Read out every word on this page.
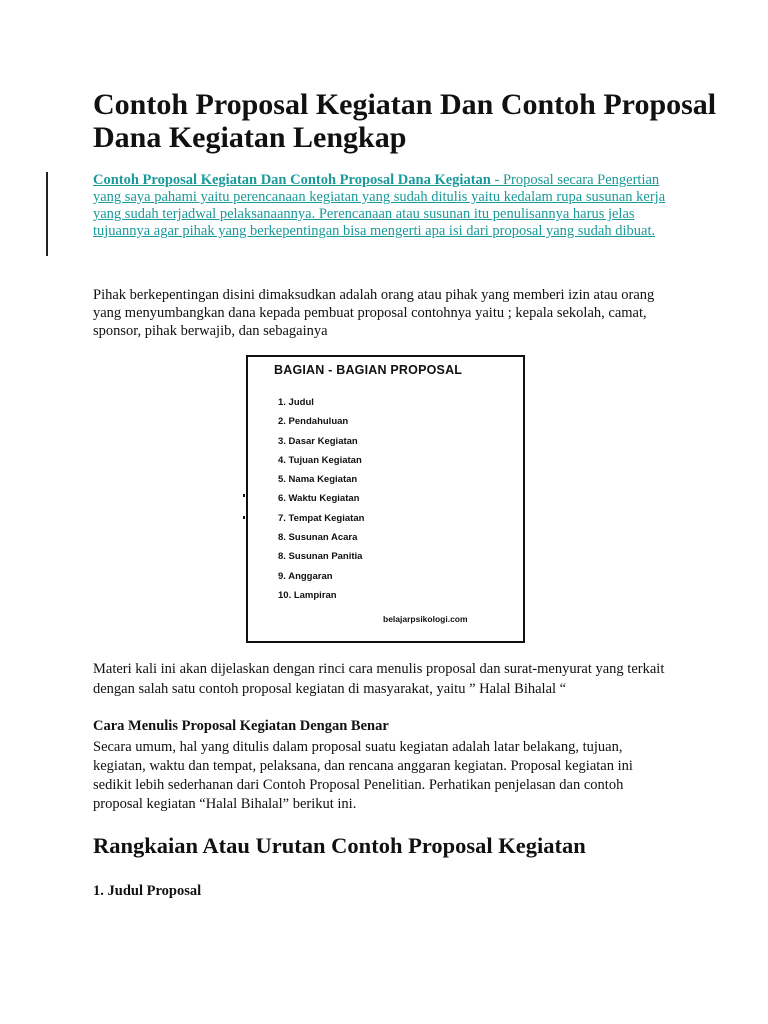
Contoh Proposal Kegiatan Dan Contoh Proposal Dana Kegiatan Lengkap

Contoh Proposal Kegiatan Dan Contoh Proposal Dana Kegiatan - Proposal secara Pengertian yang saya pahami yaitu perencanaan kegiatan yang sudah ditulis yaitu kedalam rupa susunan kerja yang sudah terjadwal pelaksanaannya. Perencanaan atau susunan itu penulisannya harus jelas tujuannya agar pihak yang berkepentingan bisa mengerti apa isi dari proposal yang sudah dibuat.

Pihak berkepentingan disini dimaksudkan adalah orang atau pihak yang memberi izin atau orang yang menyumbangkan dana kepada pembuat proposal contohnya yaitu ; kepala sekolah, camat, sponsor, pihak berwajib, dan sebagainya

BAGIAN - BAGIAN PROPOSAL
1. Judul
2. Pendahuluan
3. Dasar Kegiatan
4. Tujuan Kegiatan
5. Nama Kegiatan
6. Waktu Kegiatan
7. Tempat Kegiatan
8. Susunan Acara
8. Susunan Panitia
9. Anggaran
10. Lampiran
belajarpsikologi.com

Materi kali ini akan dijelaskan dengan rinci cara menulis proposal dan surat-menyurat yang terkait dengan salah satu contoh proposal kegiatan di masyarakat, yaitu ” Halal Bihalal “

Cara Menulis Proposal Kegiatan Dengan Benar

Secara umum, hal yang ditulis dalam proposal suatu kegiatan adalah latar belakang, tujuan, kegiatan, waktu dan tempat, pelaksana, dan rencana anggaran kegiatan. Proposal kegiatan ini sedikit lebih sederhanan dari Contoh Proposal Penelitian. Perhatikan penjelasan dan contoh proposal kegiatan “Halal Bihalal” berikut ini.

Rangkaian Atau Urutan Contoh Proposal Kegiatan

1. Judul Proposal
